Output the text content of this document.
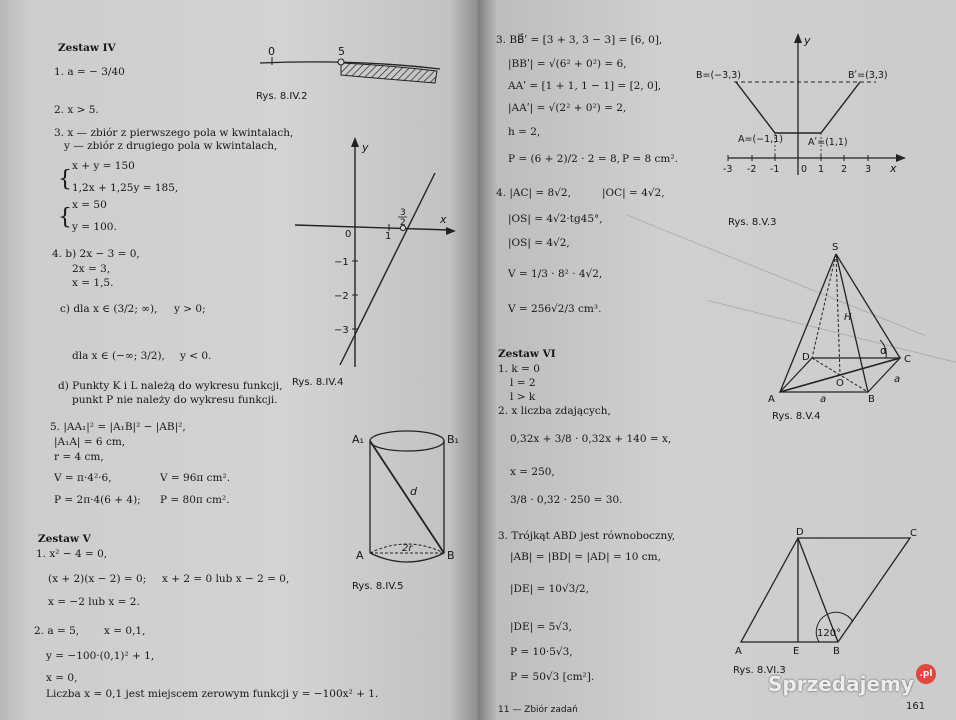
Zestaw IV
1. a = − 3/40
2. x > 5.
3. x — zbiór z pierwszego pola w kwintalach,
y — zbiór z drugiego pola w kwintalach,
{
x + y = 150
1,2x + 1,25y = 185,
{ x = 50
y = 100.
4. b) 2x − 3 = 0,
2x = 3,
x = 1,5.
c) dla x ∈ (3/2; ∞), y > 0;
dla x ∈ (−∞; 3/2), y < 0.
d) Punkty K i L należą do wykresu funkcji,
punkt P nie należy do wykresu funkcji.
5. |AA₁|² = |A₁B|² − |AB|²,
|A₁A| = 6 cm,
r = 4 cm,
V = π·4²·6,	V = 96π cm².
P = 2π·4(6 + 4); P = 80π cm².
Zestaw V
1. x² − 4 = 0,
(x + 2)(x − 2) = 0; x + 2 = 0 lub x − 2 = 0,
x = −2 lub x = 2.
2. a = 5, x = 0,1,
y = −100·(0,1)² + 1,
x = 0,
Liczba x = 0,1 jest miejscem zerowym funkcji y = −100x² + 1.
0	5
Rys. 8.IV.2
y
x
0	1
3
2
−1
−2
−3
Rys. 8.IV.4
A₁	B₁
A	B
d
2r
Rys. 8.IV.5
3. BB⃗ʹ = [3 + 3, 3 − 3] = [6, 0],
|BBʹ| = √(6² + 0²) = 6,
AAʹ = [1 + 1, 1 − 1] = [2, 0],
|AAʹ| = √(2² + 0²) = 2,
h = 2,
P = (6 + 2)/2 · 2 = 8, P = 8 cm².
4. |AC| = 8√2,	|OC| = 4√2,
|OS| = 4√2·tg45°,
|OS| = 4√2,
V = 1/3 · 8² · 4√2,
V = 256√2/3 cm³.
Zestaw VI
1. k = 0
l = 2
l > k
2. x liczba zdających,
0,32x + 3/8 · 0,32x + 140 = x,
x = 250,
3/8 · 0,32 · 250 = 30.
3. Trójkąt ABD jest równoboczny,
|AB| = |BD| = |AD| = 10 cm,
|DE| = 10√3/2,
|DE| = 5√3,
P = 10·5√3,
P = 50√3 [cm²].
B=(−3,3)	Bʹ=(3,3)
A=(−1,1)	Aʹ=(1,1)
y
x
-3 -2 -1 0 1 2 3
Rys. 8.V.3
S
H
D	C
O
A	B
α
a
a
Rys. 8.V.4
D	C
A	E	B
120°
Rys. 8.VI.3
11 — Zbiór zadań	161
Sprzedajemy .pl
